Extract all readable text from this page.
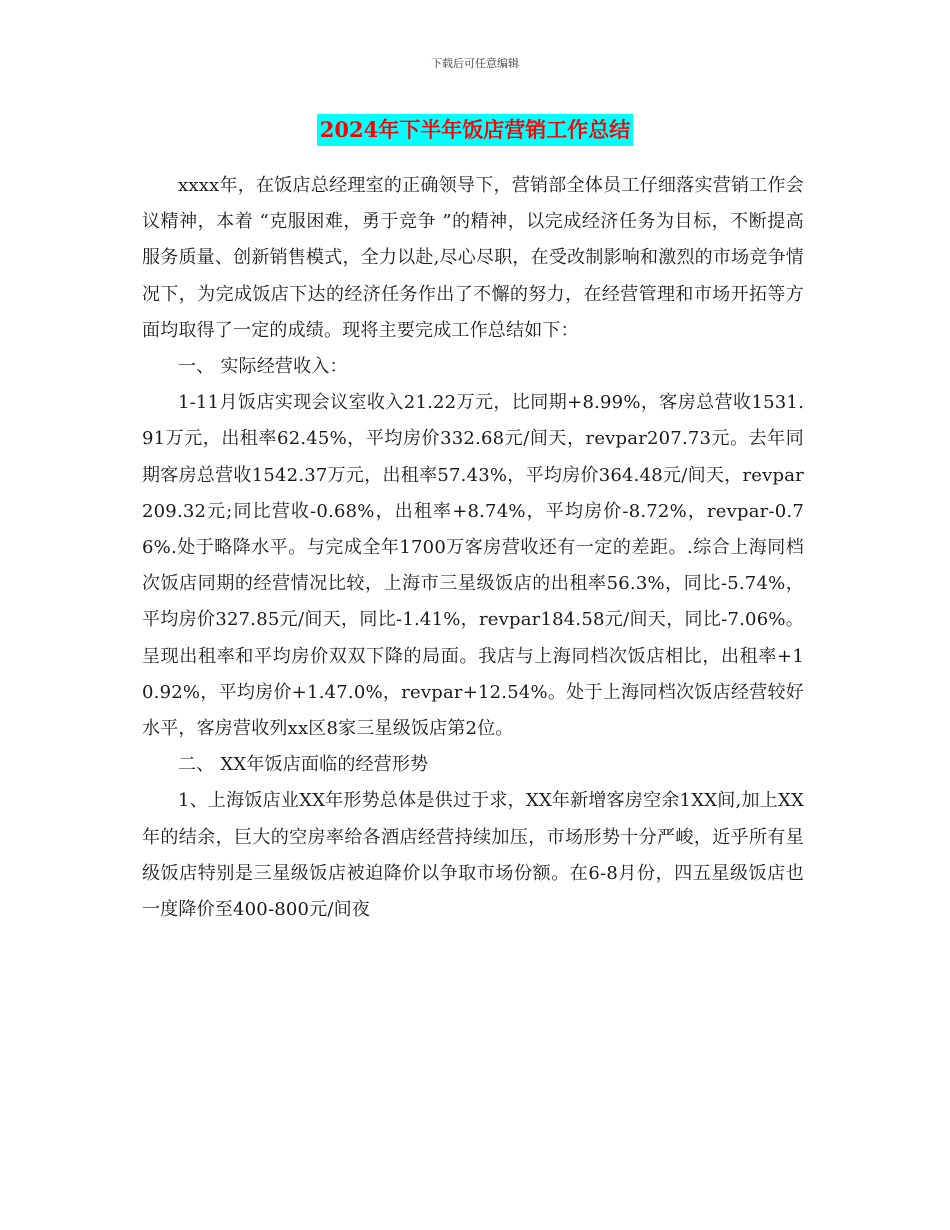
下载后可任意编辑
2024年下半年饭店营销工作总结

xxxx年，在饭店总经理室的正确领导下，营销部全体员工仔细落实营销工作会议精神，本着 “克服困难，勇于竞争 ”的精神，以完成经济任务为目标，不断提高服务质量、创新销售模式，全力以赴,尽心尽职，在受改制影响和激烈的市场竞争情况下，为完成饭店下达的经济任务作出了不懈的努力，在经营管理和市场开拓等方面均取得了一定的成绩。现将主要完成工作总结如下：

一、 实际经营收入：

1-11月饭店实现会议室收入21.22万元，比同期+8.99%，客房总营收1531.91万元，出租率62.45%，平均房价332.68元/间天，revpar207.73元。去年同期客房总营收1542.37万元，出租率57.43%，平均房价364.48元/间天，revpar209.32元;同比营收-0.68%，出租率+8.74%，平均房价-8.72%，revpar-0.76%.处于略降水平。与完成全年1700万客房营收还有一定的差距。.综合上海同档次饭店同期的经营情况比较，上海市三星级饭店的出租率56.3%，同比-5.74%，平均房价327.85元/间天，同比-1.41%，revpar184.58元/间天，同比-7.06%。呈现出租率和平均房价双双下降的局面。我店与上海同档次饭店相比，出租率+10.92%，平均房价+1.47.0%，revpar+12.54%。处于上海同档次饭店经营较好水平，客房营收列xx区8家三星级饭店第2位。

二、 XX年饭店面临的经营形势

1、上海饭店业XX年形势总体是供过于求，XX年新增客房空余1XX间,加上XX年的结余，巨大的空房率给各酒店经营持续加压，市场形势十分严峻，近乎所有星级饭店特别是三星级饭店被迫降价以争取市场份额。在6-8月份，四五星级饭店也一度降价至400-800元/间夜
